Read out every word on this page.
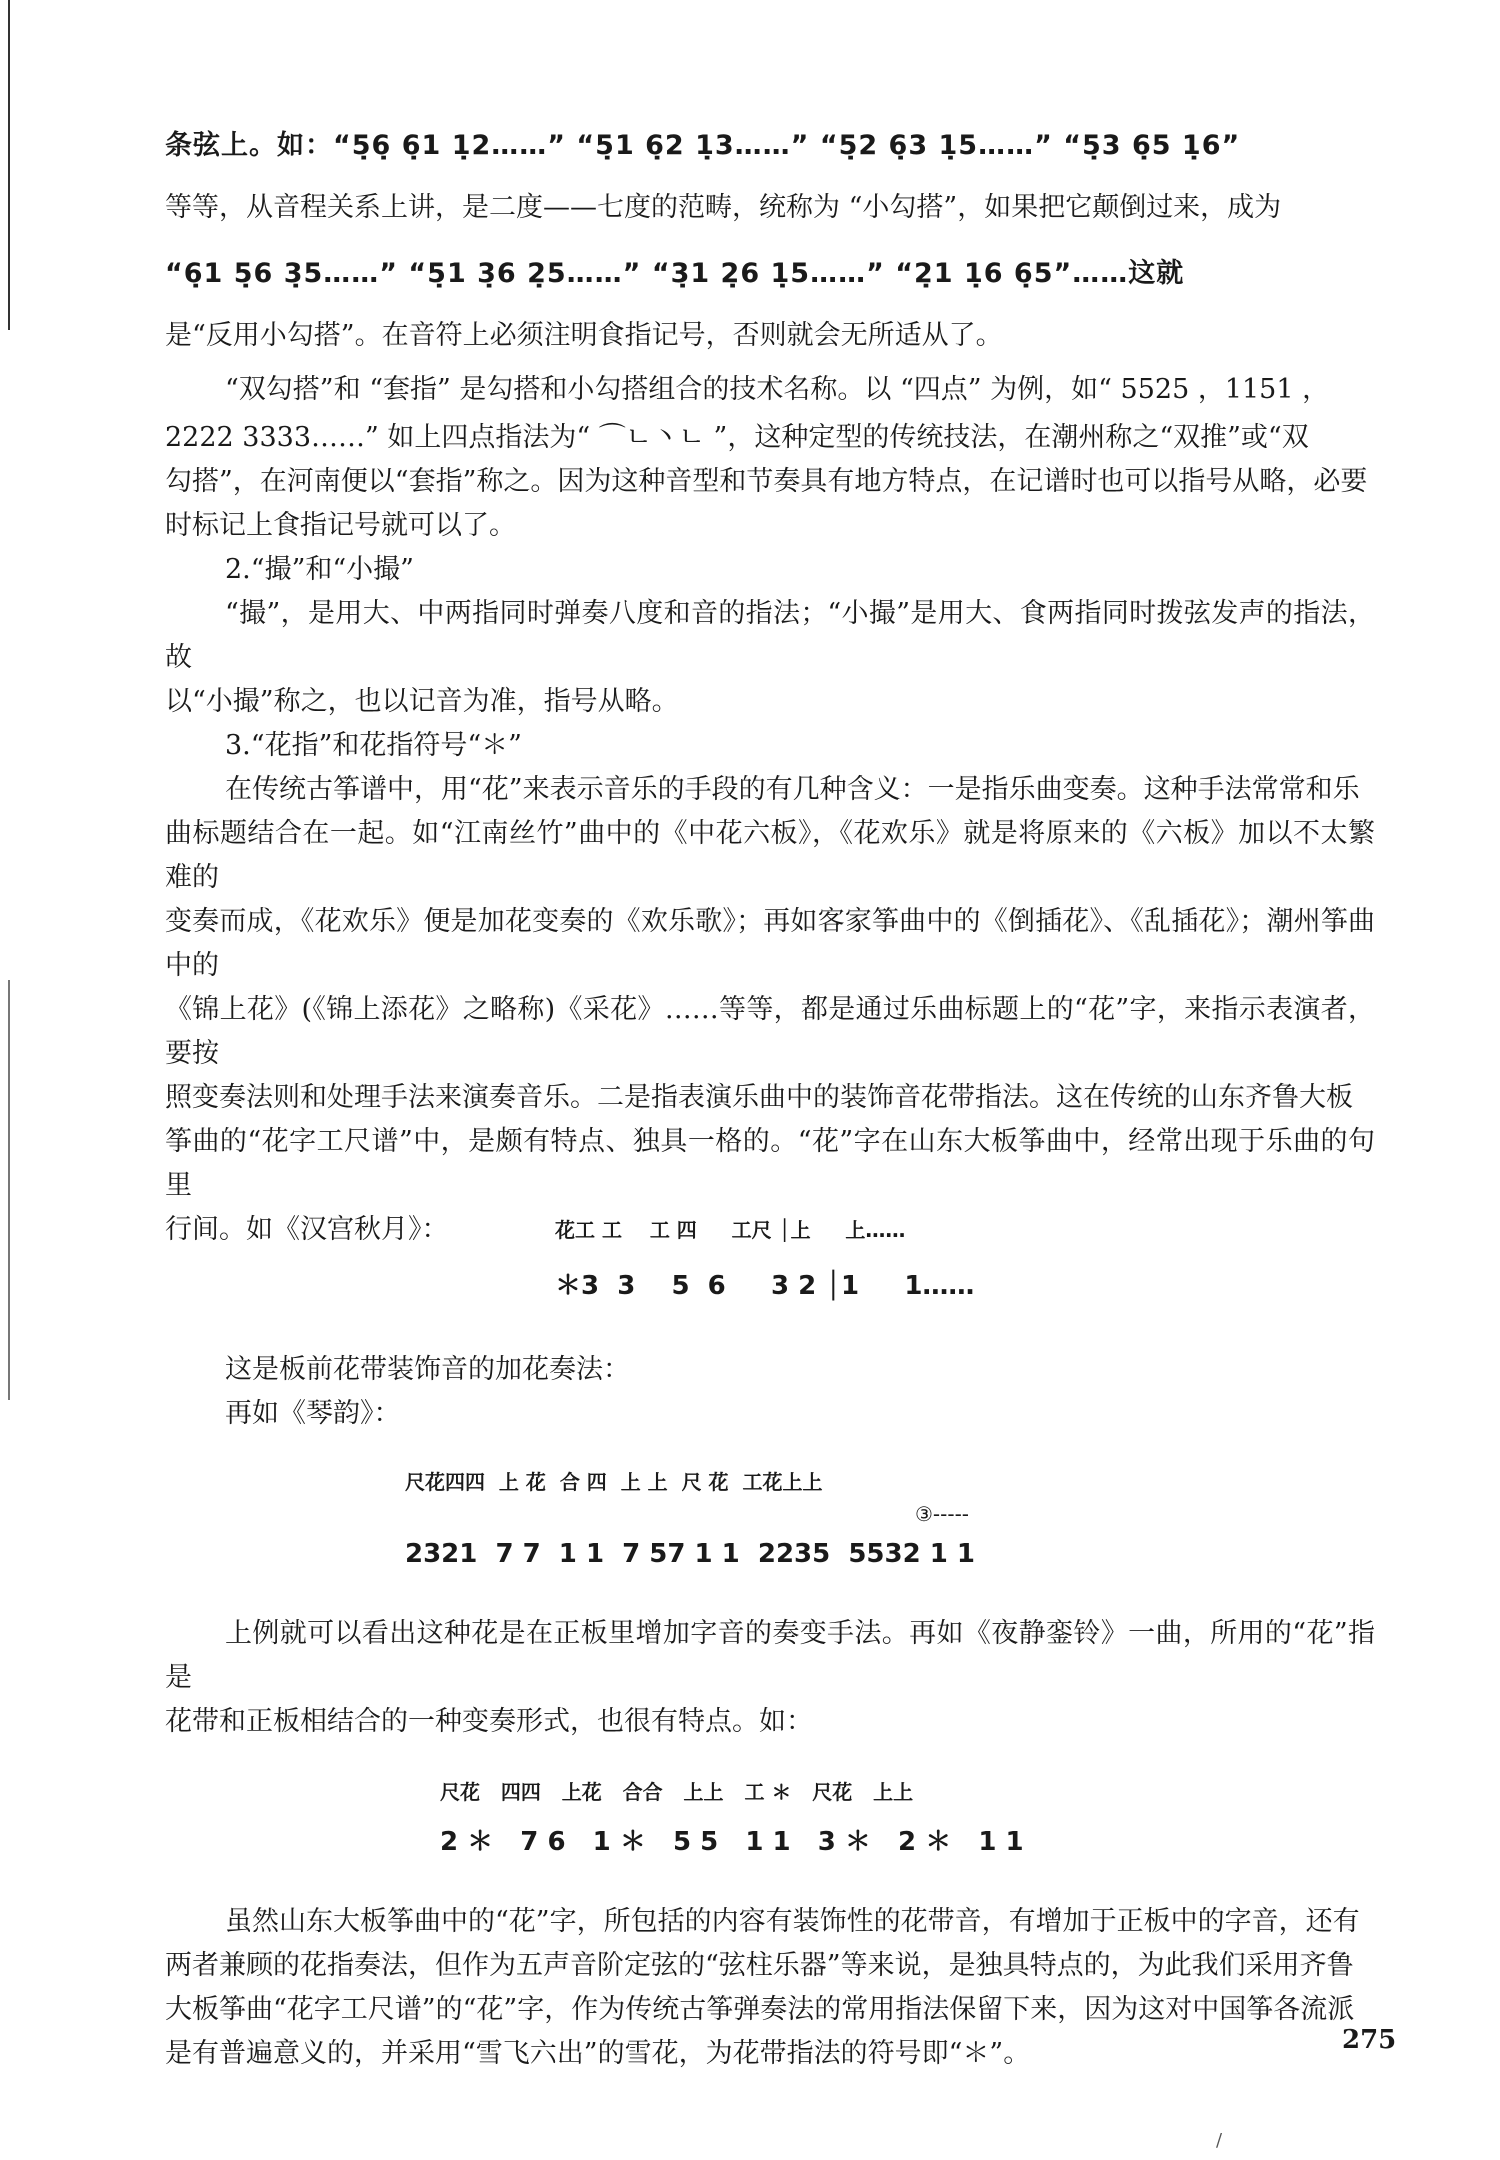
条弦上。如：“5̣6̣ 6̣1 1̣2……” “5̣1 6̣2 1̣3……” “5̣2 6̣3 1̣5……” “5̣3 6̣5 1̣6”

等等，从音程关系上讲，是二度——七度的范畴，统称为 “小勾搭”，如果把它颠倒过来，成为

“6̣1 5̣6 3̣5……” “5̣1 3̣6 2̣5……” “3̣1 2̣6 1̣5……” “2̣1 1̣6 6̣5”……这就

是“反用小勾搭”。在音符上必须注明食指记号，否则就会无所适从了。

“双勾搭”和 “套指” 是勾搭和小勾搭组合的技术名称。以 “四点” 为例，如“ 5525 ，1151 ，

2222 3333……” 如上四点指法为“ ⌒ㄴ丶ㄴ ”，这种定型的传统技法，在潮州称之“双推”或“双

勾搭”，在河南便以“套指”称之。因为这种音型和节奏具有地方特点，在记谱时也可以指号从略，必要

时标记上食指记号就可以了。

2.“撮”和“小撮”

“撮”，是用大、中两指同时弹奏八度和音的指法；“小撮”是用大、食两指同时拨弦发声的指法，故

以“小撮”称之，也以记音为准，指号从略。

3.“花指”和花指符号“＊”

在传统古筝谱中，用“花”来表示音乐的手段的有几种含义：一是指乐曲变奏。这种手法常常和乐

曲标题结合在一起。如“江南丝竹”曲中的《中花六板》，《花欢乐》就是将原来的《六板》加以不太繁难的

变奏而成，《花欢乐》便是加花变奏的《欢乐歌》；再如客家筝曲中的《倒插花》、《乱插花》；潮州筝曲中的

《锦上花》(《锦上添花》之略称)《采花》……等等，都是通过乐曲标题上的“花”字，来指示表演者，要按

照变奏法则和处理手法来演奏音乐。二是指表演乐曲中的装饰音花带指法。这在传统的山东齐鲁大板

筝曲的“花字工尺谱”中，是颇有特点、独具一格的。“花”字在山东大板筝曲中，经常出现于乐曲的句里

行间。如《汉宫秋月》：	花工 工    工 四     工尺 │上     上……
＊3  3    5  6     3 2 │1     1……

这是板前花带装饰音的加花奏法：

再如《琴韵》：

尺花四四  上 花  合 四  上 上  尺 花  工花上上
③-----
2321  7 7  1 1  7 57 1 1  2235  5532 1 1

上例就可以看出这种花是在正板里增加字音的奏变手法。再如《夜静銮铃》一曲，所用的“花”指是

花带和正板相结合的一种变奏形式，也很有特点。如：

尺花   四四   上花   合合   上上   工 ＊   尺花   上上
2 ＊   7 6   1 ＊   5 5   1 1   3 ＊   2 ＊   1 1

虽然山东大板筝曲中的“花”字，所包括的内容有装饰性的花带音，有增加于正板中的字音，还有

两者兼顾的花指奏法，但作为五声音阶定弦的“弦柱乐器”等来说，是独具特点的，为此我们采用齐鲁

大板筝曲“花字工尺谱”的“花”字，作为传统古筝弹奏法的常用指法保留下来，因为这对中国筝各流派

是有普遍意义的，并采用“雪飞六出”的雪花，为花带指法的符号即“＊”。	275
/
